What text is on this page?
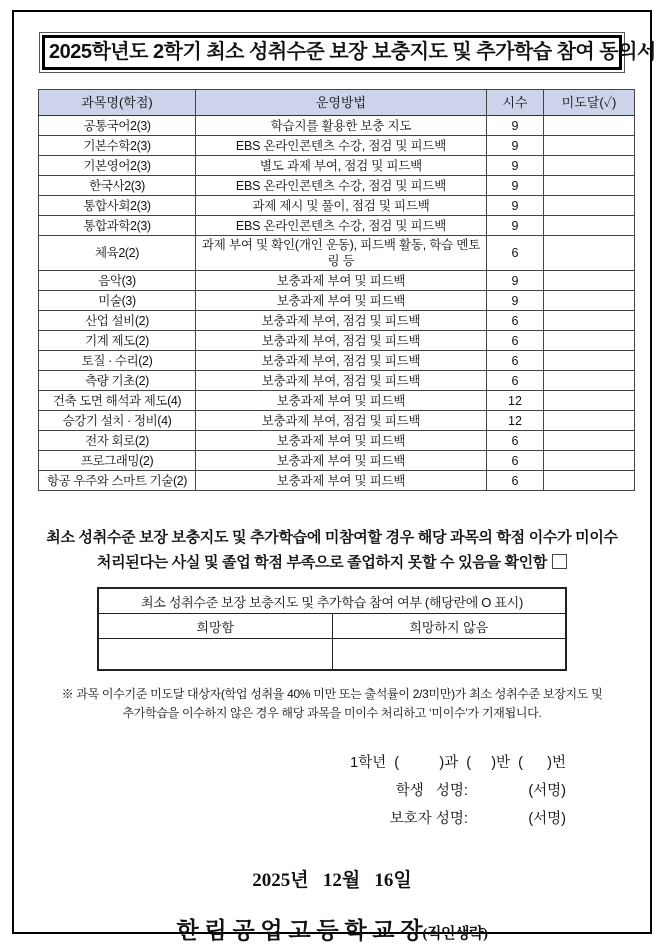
2025학년도 2학기 최소 성취수준 보장 보충지도 및 추가학습 참여 동의서
과목명(학점)	운영방법	시수	미도달(✓)
공통국어2(3)	학습지를 활용한 보충 지도	9	
기본수학2(3)	EBS 온라인콘텐츠 수강, 점검 및 피드백	9	
기본영어2(3)	별도 과제 부여, 점검 및 피드백	9	
한국사2(3)	EBS 온라인콘텐츠 수강, 점검 및 피드백	9	
통합사회2(3)	과제 제시 및 풀이, 점검 및 피드백	9	
통합과학2(3)	EBS 온라인콘텐츠 수강, 점검 및 피드백	9	
체육2(2)	과제 부여 및 확인(개인 운동), 피드백 활동, 학습 멘토링 등	6	
음악(3)	보충과제 부여 및 피드백	9	
미술(3)	보충과제 부여 및 피드백	9	
산업 설비(2)	보충과제 부여, 점검 및 피드백	6	
기계 제도(2)	보충과제 부여, 점검 및 피드백	6	
토질 · 수리(2)	보충과제 부여, 점검 및 피드백	6	
측량 기초(2)	보충과제 부여, 점검 및 피드백	6	
건축 도면 해석과 제도(4)	보충과제 부여 및 피드백	12	
승강기 설치 · 정비(4)	보충과제 부여, 점검 및 피드백	12	
전자 회로(2)	보충과제 부여 및 피드백	6	
프로그래밍(2)	보충과제 부여 및 피드백	6	
항공 우주와 스마트 기술(2)	보충과제 부여 및 피드백	6	

최소 성취수준 보장 보충지도 및 추가학습에 미참여할 경우 해당 과목의 학점 이수가 미이수
처리된다는 사실 및 졸업 학점 부족으로 졸업하지 못할 수 있음을 확인함

최소 성취수준 보장 보충지도 및 추가학습 참여 여부 (해당란에 O 표시)	
희망함	희망하지 않음

※ 과목 이수기준 미도달 대상자(학업 성취율 40% 미만 또는 출석률이 2/3미만)가 최소 성취수준 보장지도 및
추가학습을 이수하지 않은 경우 해당 과목을 미이수 처리하고 ‘미이수’가 기재됩니다.

1학년  (          )과  (     )반  (      )번
학생   성명:               (서명)
보호자 성명:               (서명)
2025년   12월   16일
한 림 공 업 고 등 학 교 장(직인생략)
